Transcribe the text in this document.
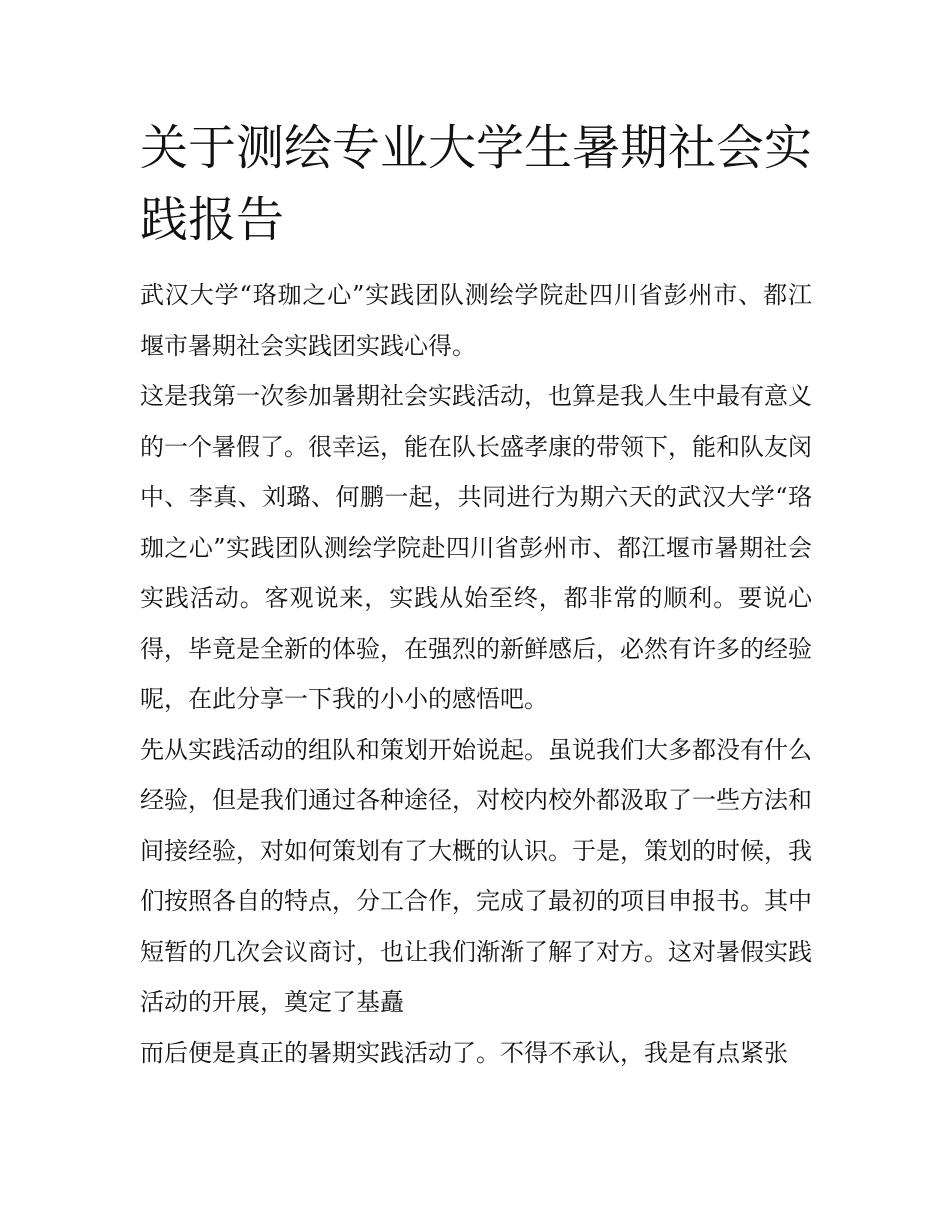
关于测绘专业大学生暑期社会实践报告

武汉大学“珞珈之心”实践团队测绘学院赴四川省彭州市、都江堰市暑期社会实践团实践心得。

这是我第一次参加暑期社会实践活动，也算是我人生中最有意义的一个暑假了。很幸运，能在队长盛孝康的带领下，能和队友闵中、李真、刘璐、何鹏一起，共同进行为期六天的武汉大学“珞珈之心”实践团队测绘学院赴四川省彭州市、都江堰市暑期社会实践活动。客观说来，实践从始至终，都非常的顺利。要说心得，毕竟是全新的体验，在强烈的新鲜感后，必然有许多的经验呢，在此分享一下我的小小的感悟吧。

先从实践活动的组队和策划开始说起。虽说我们大多都没有什么经验，但是我们通过各种途径，对校内校外都汲取了一些方法和间接经验，对如何策划有了大概的认识。于是，策划的时候，我们按照各自的特点，分工合作，完成了最初的项目申报书。其中短暂的几次会议商讨，也让我们渐渐了解了对方。这对暑假实践活动的开展，奠定了基矗

而后便是真正的暑期实践活动了。不得不承认，我是有点紧张
